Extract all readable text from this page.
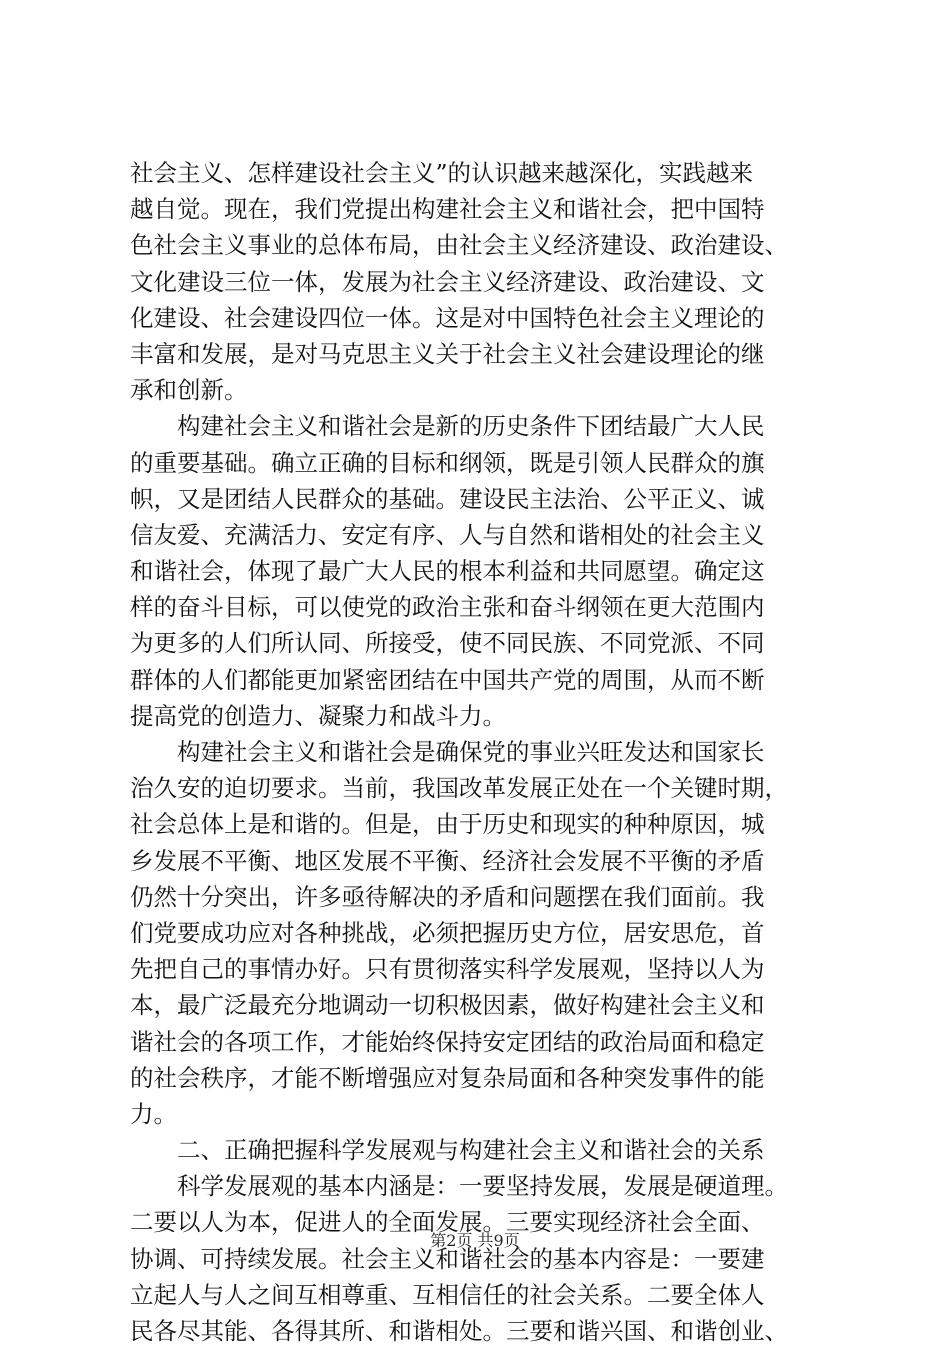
社会主义、怎样建设社会主义”的认识越来越深化，实践越来
越自觉。现在，我们党提出构建社会主义和谐社会，把中国特
色社会主义事业的总体布局，由社会主义经济建设、政治建设、
文化建设三位一体，发展为社会主义经济建设、政治建设、文
化建设、社会建设四位一体。这是对中国特色社会主义理论的
丰富和发展，是对马克思主义关于社会主义社会建设理论的继
承和创新。
构建社会主义和谐社会是新的历史条件下团结最广大人民
的重要基础。确立正确的目标和纲领，既是引领人民群众的旗
帜，又是团结人民群众的基础。建设民主法治、公平正义、诚
信友爱、充满活力、安定有序、人与自然和谐相处的社会主义
和谐社会，体现了最广大人民的根本利益和共同愿望。确定这
样的奋斗目标，可以使党的政治主张和奋斗纲领在更大范围内
为更多的人们所认同、所接受，使不同民族、不同党派、不同
群体的人们都能更加紧密团结在中国共产党的周围，从而不断
提高党的创造力、凝聚力和战斗力。
构建社会主义和谐社会是确保党的事业兴旺发达和国家长
治久安的迫切要求。当前，我国改革发展正处在一个关键时期，
社会总体上是和谐的。但是，由于历史和现实的种种原因，城
乡发展不平衡、地区发展不平衡、经济社会发展不平衡的矛盾
仍然十分突出，许多亟待解决的矛盾和问题摆在我们面前。我
们党要成功应对各种挑战，必须把握历史方位，居安思危，首
先把自己的事情办好。只有贯彻落实科学发展观，坚持以人为
本，最广泛最充分地调动一切积极因素，做好构建社会主义和
谐社会的各项工作，才能始终保持安定团结的政治局面和稳定
的社会秩序，才能不断增强应对复杂局面和各种突发事件的能
力。
二、正确把握科学发展观与构建社会主义和谐社会的关系
科学发展观的基本内涵是：一要坚持发展，发展是硬道理。
二要以人为本，促进人的全面发展。三要实现经济社会全面、
协调、可持续发展。社会主义和谐社会的基本内容是：一要建
立起人与人之间互相尊重、互相信任的社会关系。二要全体人
民各尽其能、各得其所、和谐相处。三要和谐兴国、和谐创业、
第2页 共9页
